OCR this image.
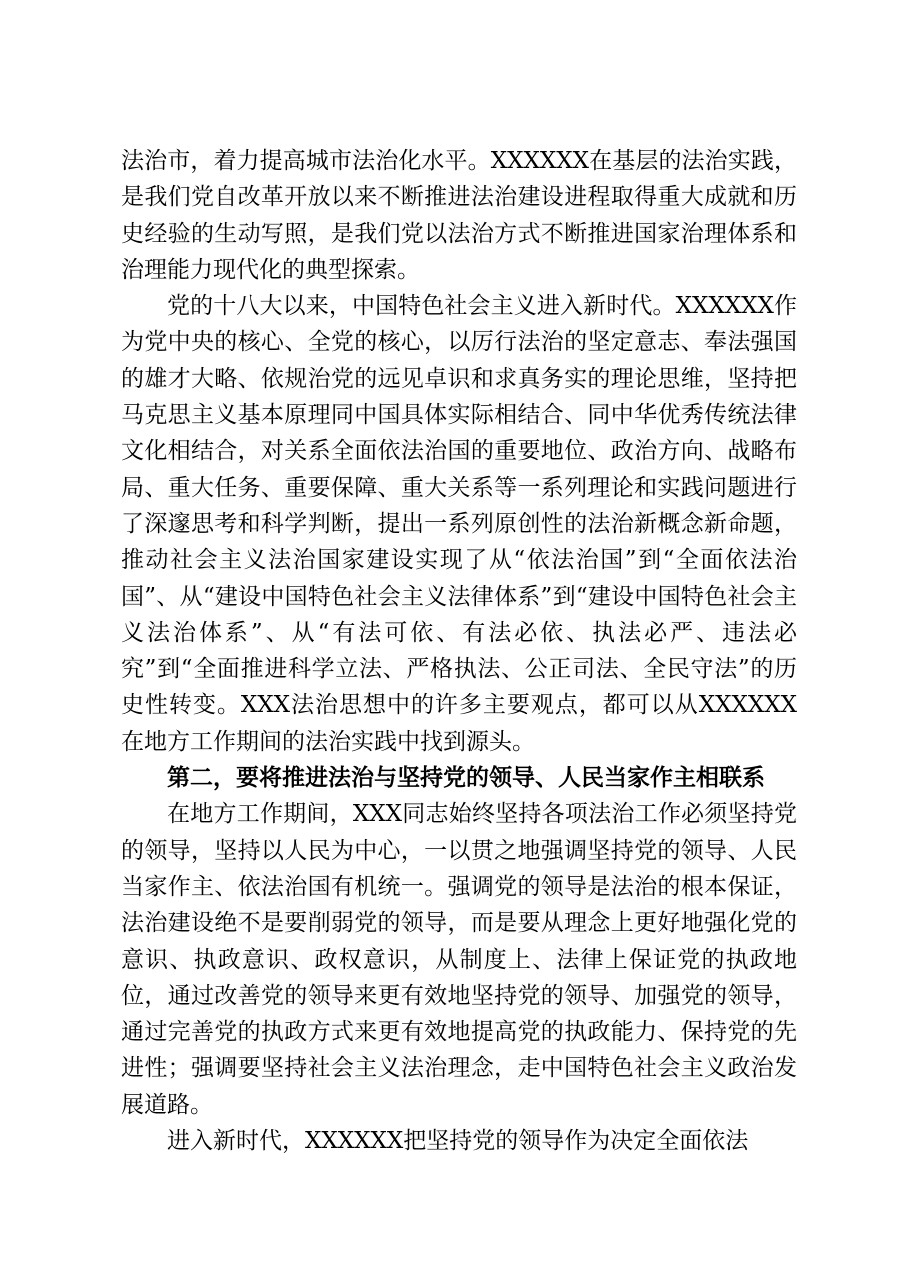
法治市，着力提高城市法治化水平。XXXXXX在基层的法治实践，是我们党自改革开放以来不断推进法治建设进程取得重大成就和历史经验的生动写照，是我们党以法治方式不断推进国家治理体系和治理能力现代化的典型探索。

党的十八大以来，中国特色社会主义进入新时代。XXXXXX作为党中央的核心、全党的核心，以厉行法治的坚定意志、奉法强国的雄才大略、依规治党的远见卓识和求真务实的理论思维，坚持把马克思主义基本原理同中国具体实际相结合、同中华优秀传统法律文化相结合，对关系全面依法治国的重要地位、政治方向、战略布局、重大任务、重要保障、重大关系等一系列理论和实践问题进行了深邃思考和科学判断，提出一系列原创性的法治新概念新命题，推动社会主义法治国家建设实现了从“依法治国”到“全面依法治国”、从“建设中国特色社会主义法律体系”到“建设中国特色社会主义法治体系”、从“有法可依、有法必依、执法必严、违法必究”到“全面推进科学立法、严格执法、公正司法、全民守法”的历史性转变。XXX法治思想中的许多主要观点，都可以从XXXXXX在地方工作期间的法治实践中找到源头。

第二，要将推进法治与坚持党的领导、人民当家作主相联系

在地方工作期间，XXX同志始终坚持各项法治工作必须坚持党的领导，坚持以人民为中心，一以贯之地强调坚持党的领导、人民当家作主、依法治国有机统一。强调党的领导是法治的根本保证，法治建设绝不是要削弱党的领导，而是要从理念上更好地强化党的意识、执政意识、政权意识，从制度上、法律上保证党的执政地位，通过改善党的领导来更有效地坚持党的领导、加强党的领导，通过完善党的执政方式来更有效地提高党的执政能力、保持党的先进性；强调要坚持社会主义法治理念，走中国特色社会主义政治发展道路。

进入新时代，XXXXXX把坚持党的领导作为决定全面依法
